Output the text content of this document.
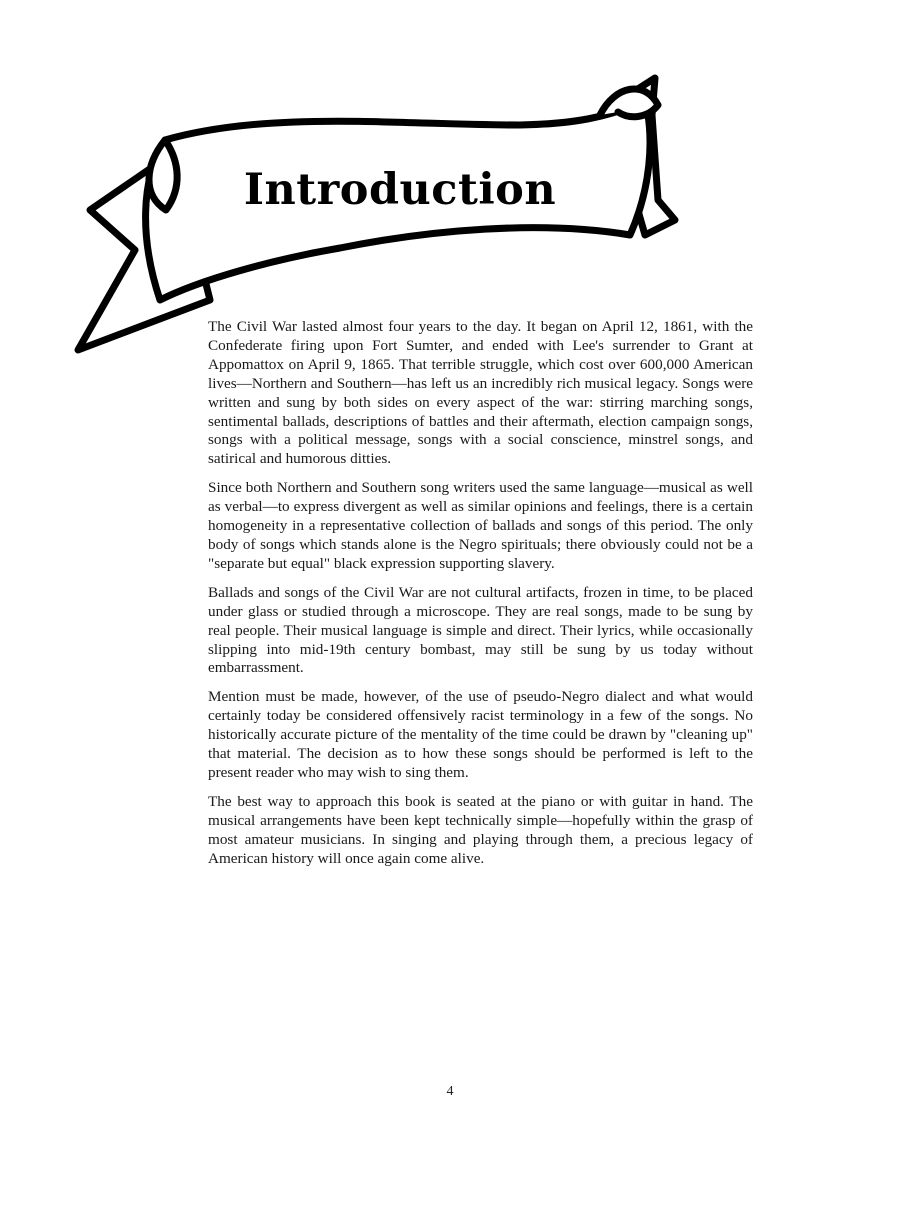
Introduction

The Civil War lasted almost four years to the day. It began on April 12, 1861, with the Confederate firing upon Fort Sumter, and ended with Lee's surrender to Grant at Appomattox on April 9, 1865. That terrible struggle, which cost over 600,000 American lives—Northern and Southern—has left us an incredibly rich musical legacy. Songs were written and sung by both sides on every aspect of the war: stirring marching songs, sentimental ballads, descriptions of battles and their aftermath, election campaign songs, songs with a political message, songs with a social conscience, minstrel songs, and satirical and humorous ditties.

Since both Northern and Southern song writers used the same language—musical as well as verbal—to express divergent as well as similar opinions and feelings, there is a certain homogeneity in a representative collection of ballads and songs of this period. The only body of songs which stands alone is the Negro spirituals; there obviously could not be a "separate but equal" black expression supporting slavery.

Ballads and songs of the Civil War are not cultural artifacts, frozen in time, to be placed under glass or studied through a microscope. They are real songs, made to be sung by real people. Their musical language is simple and direct. Their lyrics, while occasionally slipping into mid-19th century bombast, may still be sung by us today without embarrassment.

Mention must be made, however, of the use of pseudo-Negro dialect and what would certainly today be considered offensively racist terminology in a few of the songs. No historically accurate picture of the mentality of the time could be drawn by "cleaning up" that material. The decision as to how these songs should be performed is left to the present reader who may wish to sing them.

The best way to approach this book is seated at the piano or with guitar in hand. The musical arrangements have been kept technically simple—hopefully within the grasp of most amateur musicians. In singing and playing through them, a precious legacy of American history will once again come alive.

4
